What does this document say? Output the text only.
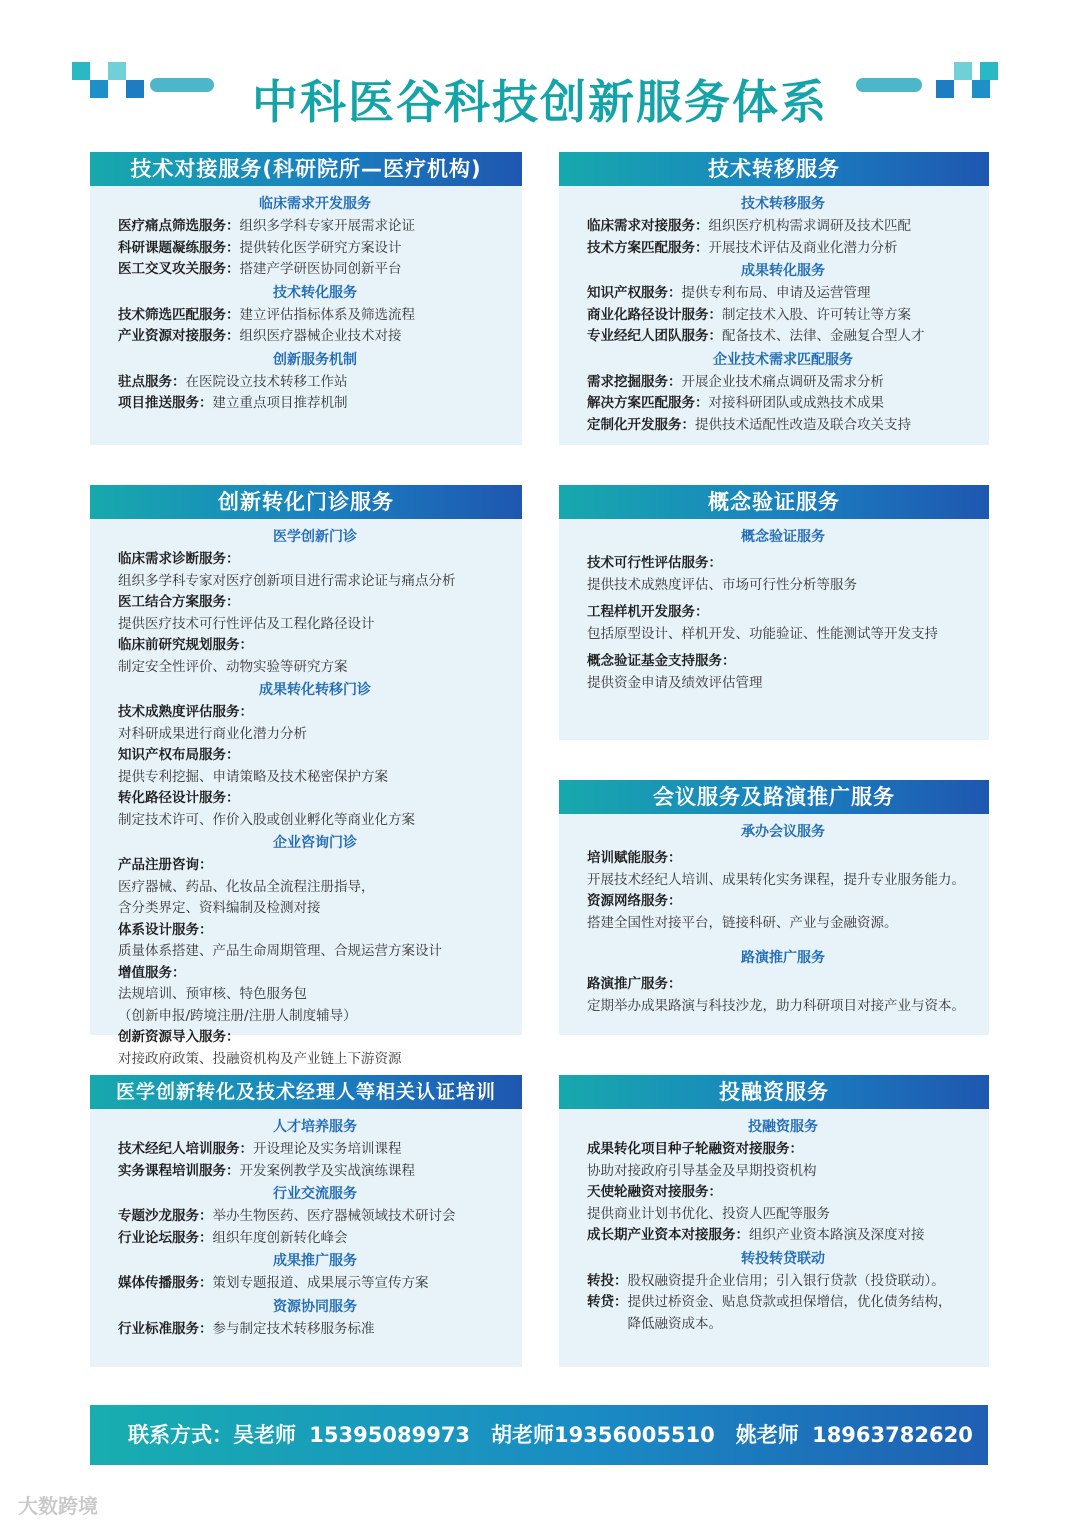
中科医谷科技创新服务体系
技术对接服务(科研院所—医疗机构)
临床需求开发服务
医疗痛点筛选服务：组织多学科专家开展需求论证
科研课题凝练服务：提供转化医学研究方案设计
医工交叉攻关服务：搭建产学研医协同创新平台
技术转化服务
技术筛选匹配服务：建立评估指标体系及筛选流程
产业资源对接服务：组织医疗器械企业技术对接
创新服务机制
驻点服务：在医院设立技术转移工作站
项目推送服务：建立重点项目推荐机制
技术转移服务
技术转移服务
临床需求对接服务：组织医疗机构需求调研及技术匹配
技术方案匹配服务：开展技术评估及商业化潜力分析
成果转化服务
知识产权服务：提供专利布局、申请及运营管理
商业化路径设计服务：制定技术入股、许可转让等方案
专业经纪人团队服务：配备技术、法律、金融复合型人才
企业技术需求匹配服务
需求挖掘服务：开展企业技术痛点调研及需求分析
解决方案匹配服务：对接科研团队或成熟技术成果
定制化开发服务：提供技术适配性改造及联合攻关支持
创新转化门诊服务
医学创新门诊
临床需求诊断服务：
组织多学科专家对医疗创新项目进行需求论证与痛点分析
医工结合方案服务：
提供医疗技术可行性评估及工程化路径设计
临床前研究规划服务：
制定安全性评价、动物实验等研究方案
成果转化转移门诊
技术成熟度评估服务：
对科研成果进行商业化潜力分析
知识产权布局服务：
提供专利挖掘、申请策略及技术秘密保护方案
转化路径设计服务：
制定技术许可、作价入股或创业孵化等商业化方案
企业咨询门诊
产品注册咨询：
医疗器械、药品、化妆品全流程注册指导，
含分类界定、资料编制及检测对接
体系设计服务：
质量体系搭建、产品生命周期管理、合规运营方案设计
增值服务：
法规培训、预审核、特色服务包
（创新申报/跨境注册/注册人制度辅导）
创新资源导入服务：
对接政府政策、投融资机构及产业链上下游资源
概念验证服务
概念验证服务
技术可行性评估服务：
提供技术成熟度评估、市场可行性分析等服务
工程样机开发服务：
包括原型设计、样机开发、功能验证、性能测试等开发支持
概念验证基金支持服务：
提供资金申请及绩效评估管理
会议服务及路演推广服务
承办会议服务
培训赋能服务：
开展技术经纪人培训、成果转化实务课程，提升专业服务能力。
资源网络服务：
搭建全国性对接平台，链接科研、产业与金融资源。
路演推广服务
路演推广服务：
定期举办成果路演与科技沙龙，助力科研项目对接产业与资本。
医学创新转化及技术经理人等相关认证培训
人才培养服务
技术经纪人培训服务：开设理论及实务培训课程
实务课程培训服务：开发案例教学及实战演练课程
行业交流服务
专题沙龙服务：举办生物医药、医疗器械领域技术研讨会
行业论坛服务：组织年度创新转化峰会
成果推广服务
媒体传播服务：策划专题报道、成果展示等宣传方案
资源协同服务
行业标准服务：参与制定技术转移服务标准
投融资服务
投融资服务
成果转化项目种子轮融资对接服务：
协助对接政府引导基金及早期投资机构
天使轮融资对接服务：
提供商业计划书优化、投资人匹配等服务
成长期产业资本对接服务：组织产业资本路演及深度对接
转投转贷联动
转投：股权融资提升企业信用；引入银行贷款（投贷联动）。
转贷：提供过桥资金、贴息贷款或担保增信，优化债务结构，
　　　降低融资成本。
联系方式：吴老师 15395089973　胡老师19356005510　姚老师 18963782620
大数跨境
